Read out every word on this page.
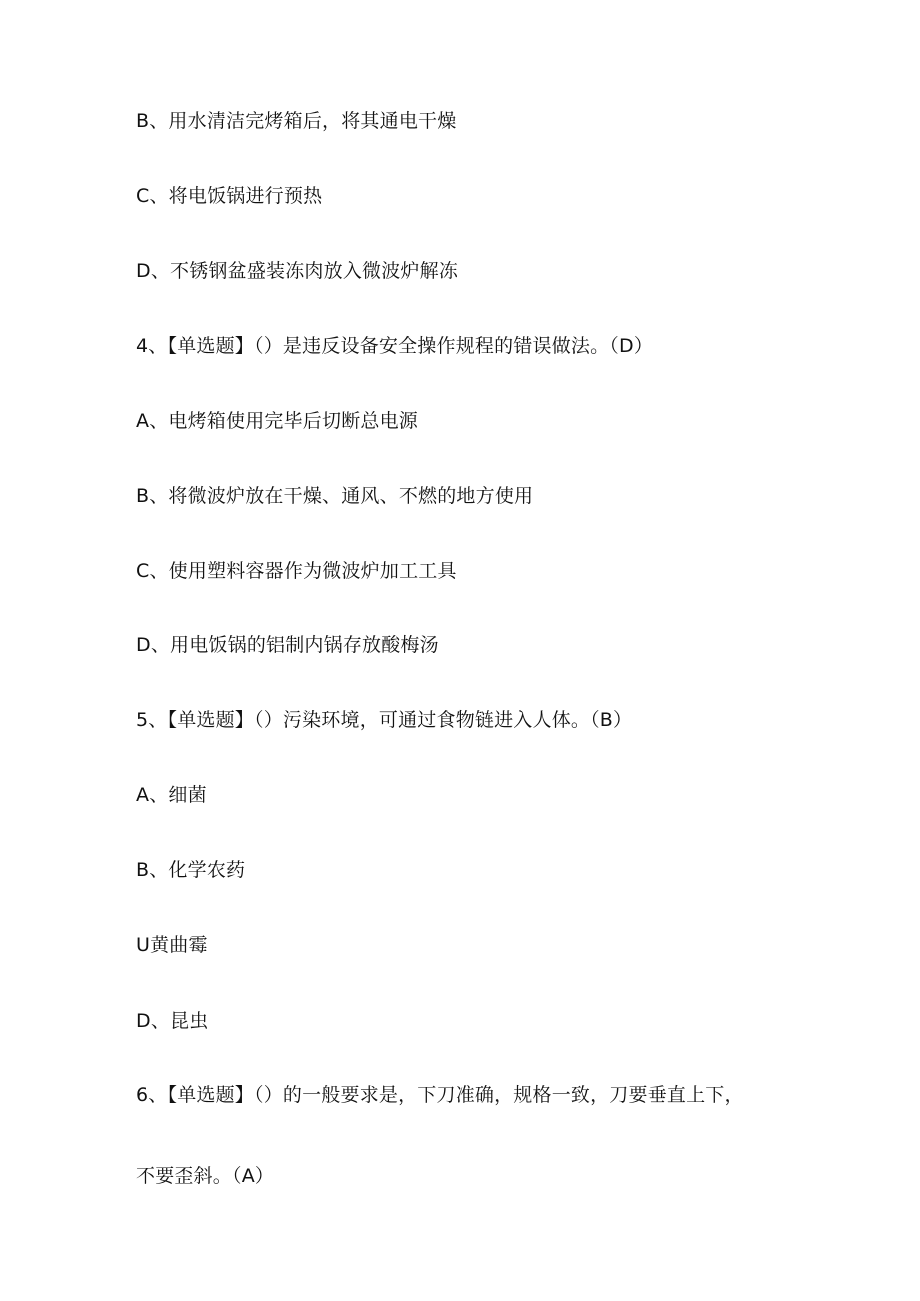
B、用水清洁完烤箱后，将其通电干燥
C、将电饭锅进行预热
D、不锈钢盆盛装冻肉放入微波炉解冻
4、【单选题】（）是违反设备安全操作规程的错误做法。（D）
A、电烤箱使用完毕后切断总电源
B、将微波炉放在干燥、通风、不燃的地方使用
C、使用塑料容器作为微波炉加工工具
D、用电饭锅的铝制内锅存放酸梅汤
5、【单选题】（）污染环境，可通过食物链进入人体。（B）
A、细菌
B、化学农药
U黄曲霉
D、昆虫
6、【单选题】（）的一般要求是，下刀准确，规格一致，刀要垂直上下，
不要歪斜。（A）
